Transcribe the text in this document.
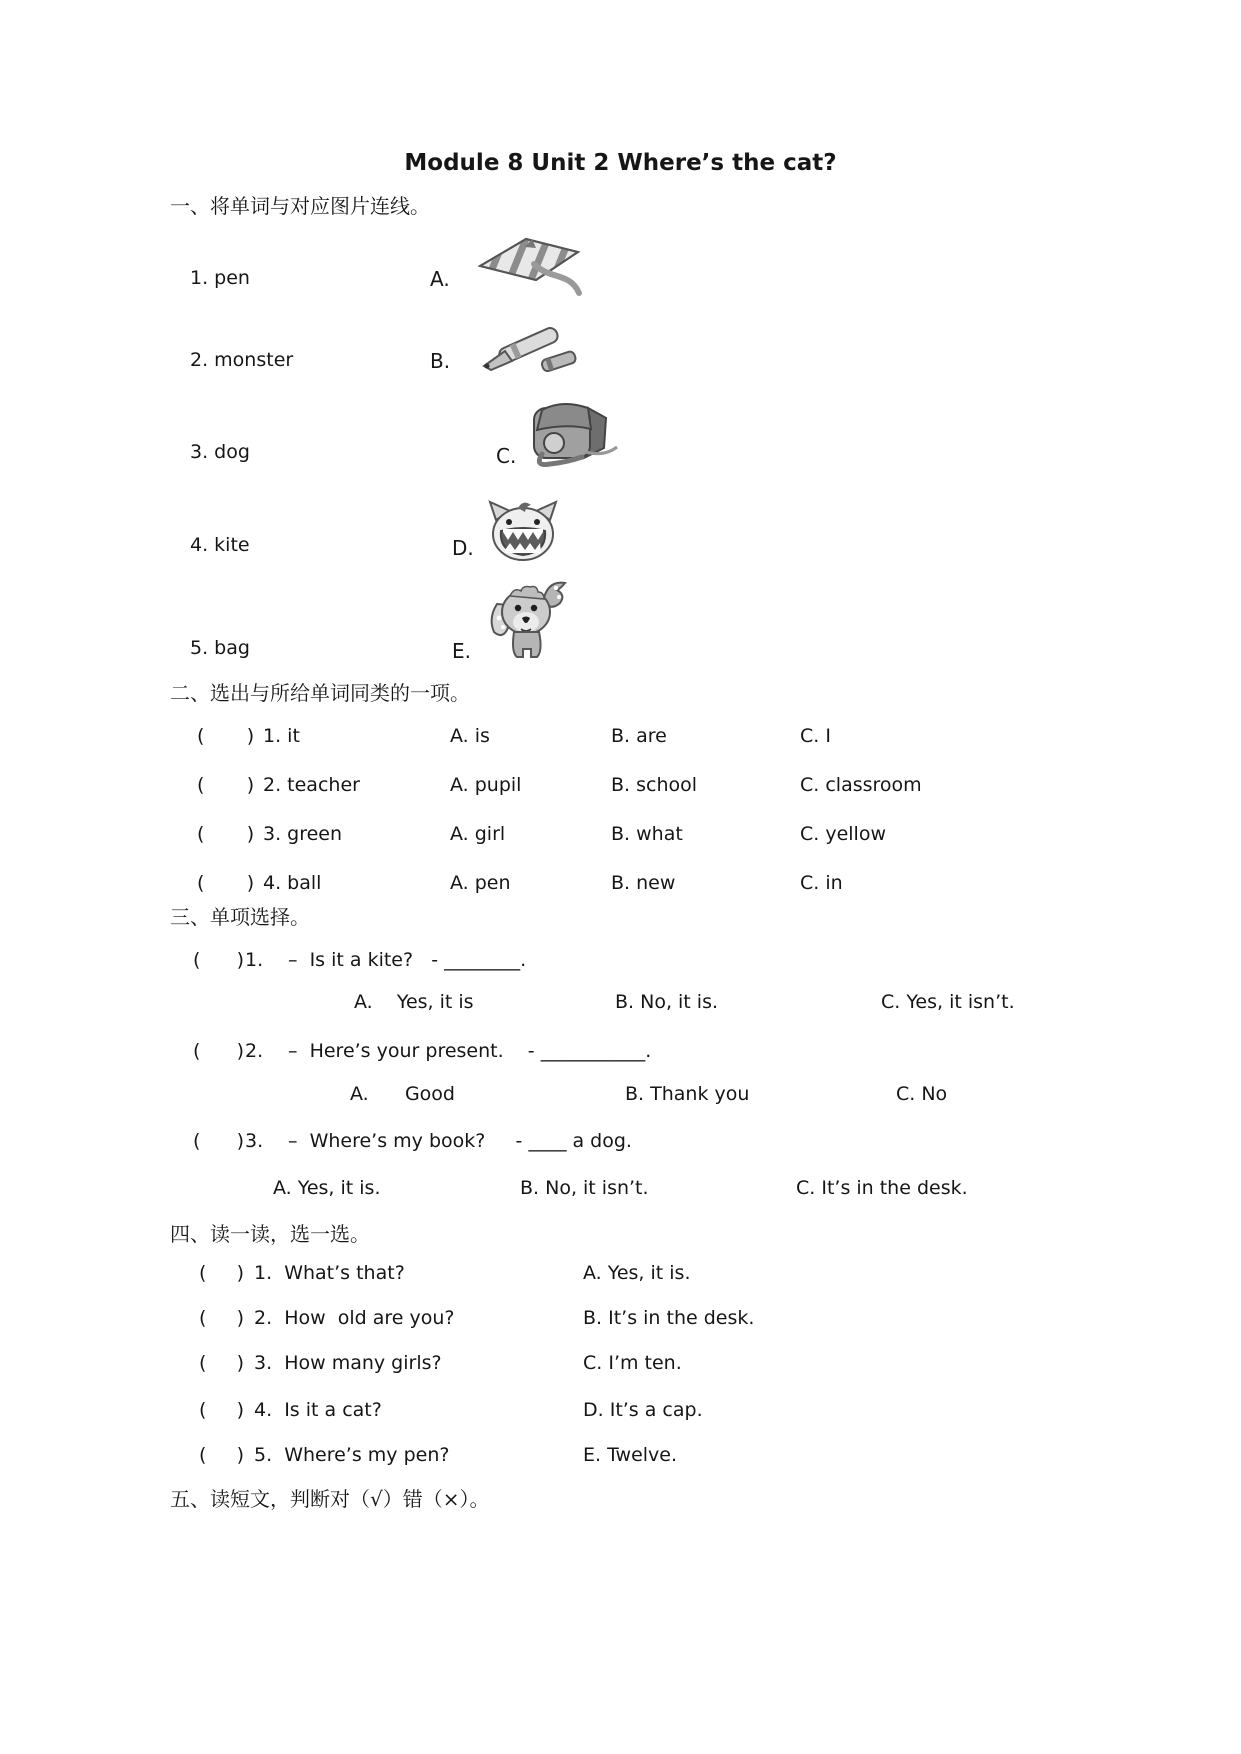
Module 8 Unit 2 Where’s the cat?
一、将单词与对应图片连线。
1. pen
2. monster
3. dog
4. kite
5. bag
A.
B.
C.
D.
E.
二、选出与所给单词同类的一项。
(       ) 1. it	A. is	B. are	C. I
(       ) 2. teacher	A. pupil	B. school	C. classroom
(       ) 3. green	A. girl	B. what	C. yellow
(       ) 4. ball	A. pen	B. new	C. in
三、单项选择。
(      ) 1. –  Is it a kite?   - ________.
A.    Yes, it is	B. No, it is.	C. Yes, it isn’t.
(      ) 2. –  Here’s your present.    - ___________.
A.      Good	B. Thank you	C. No
(      ) 3. –  Where’s my book?     - ____ a dog.
A. Yes, it is.	B. No, it isn’t.	C. It’s in the desk.
四、读一读，选一选。
(     ) 1.  What’s that?	A. Yes, it is.
(     ) 2.  How  old are you?	B. It’s in the desk.
(     ) 3.  How many girls?	C. I’m ten.
(     ) 4.  Is it a cat?	D. It’s a cap.
(     ) 5.  Where’s my pen?	E. Twelve.
五、读短文，判断对（√）错（×）。
